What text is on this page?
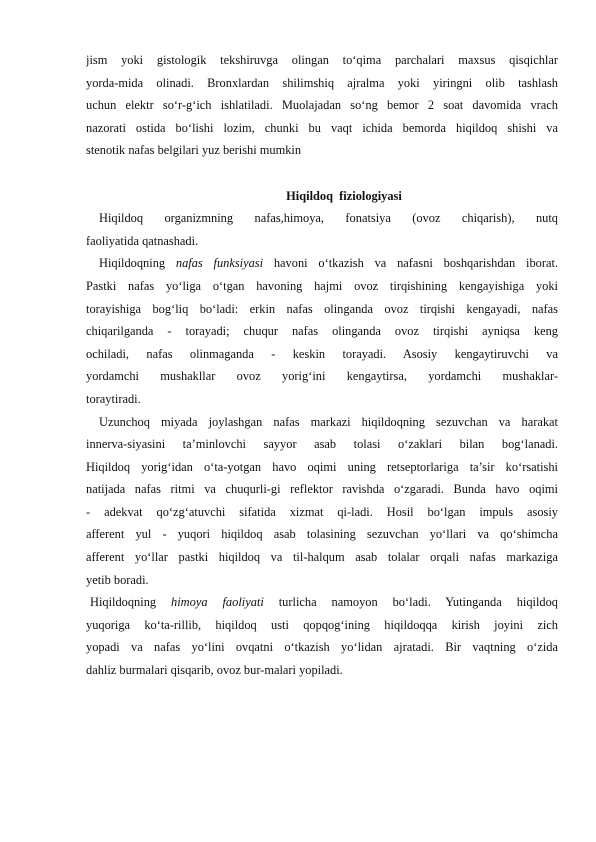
jism yoki gistologik tekshiruvga olingan to‘qima parchalari maxsus qisqichlar
yorda-mida olinadi. Bronxlardan shilimshiq ajralma yoki yiringni olib tashlash
uchun elektr so‘r-g‘ich ishlatiladi. Muolajadan so‘ng bemor 2 soat davomida vrach
nazorati ostida bo‘lishi lozim, chunki bu vaqt ichida bemorda hiqildoq shishi va
stenotik nafas belgilari yuz berishi mumkin
Hiqildoq  fiziologiyasi
Hiqildoq organizmning nafas,himoya, fonatsiya (ovoz chiqarish), nutq
faoliyatida qatnashadi.
Hiqildoqning nafas funksiyasi havoni o‘tkazish va nafasni boshqarishdan iborat.
Pastki nafas yo‘liga o‘tgan havoning hajmi ovoz tirqishining kengayishiga yoki
torayishiga bog‘liq bo‘ladi: erkin nafas olinganda ovoz tirqishi kengayadi, nafas
chiqarilganda - torayadi; chuqur nafas olinganda ovoz tirqishi ayniqsa keng
ochiladi, nafas olinmaganda - keskin torayadi. Asosiy kengaytiruvchi va
yordamchi mushakllar ovoz yorig‘ini kengaytirsa, yordamchi mushaklar-
toraytiradi.
Uzunchoq miyada joylashgan nafas markazi hiqildoqning sezuvchan va harakat
innerva-siyasini ta’minlovchi sayyor asab tolasi o‘zaklari bilan bog‘lanadi.
Hiqildoq yorig‘idan o‘ta-yotgan havo oqimi uning retseptorlariga ta’sir ko‘rsatishi
natijada nafas ritmi va chuqurli-gi reflektor ravishda o‘zgaradi. Bunda havo oqimi
- adekvat qo‘zg‘atuvchi sifatida xizmat qi-ladi. Hosil bo‘lgan impuls asosiy
afferent yul - yuqori hiqildoq asab tolasining sezuvchan yo‘llari va qo‘shimcha
afferent yo‘llar pastki hiqildoq va til-halqum asab tolalar orqali nafas markaziga
yetib boradi.
Hiqildoqning himoya faoliyati turlicha namoyon bo‘ladi. Yutinganda hiqildoq
yuqoriga ko‘ta-rillib, hiqildoq usti qopqog‘ining hiqildoqqa kirish joyini zich
yopadi va nafas yo‘lini ovqatni o‘tkazish yo‘lidan ajratadi. Bir vaqtning o‘zida
dahliz burmalari qisqarib, ovoz bur-malari yopiladi.
